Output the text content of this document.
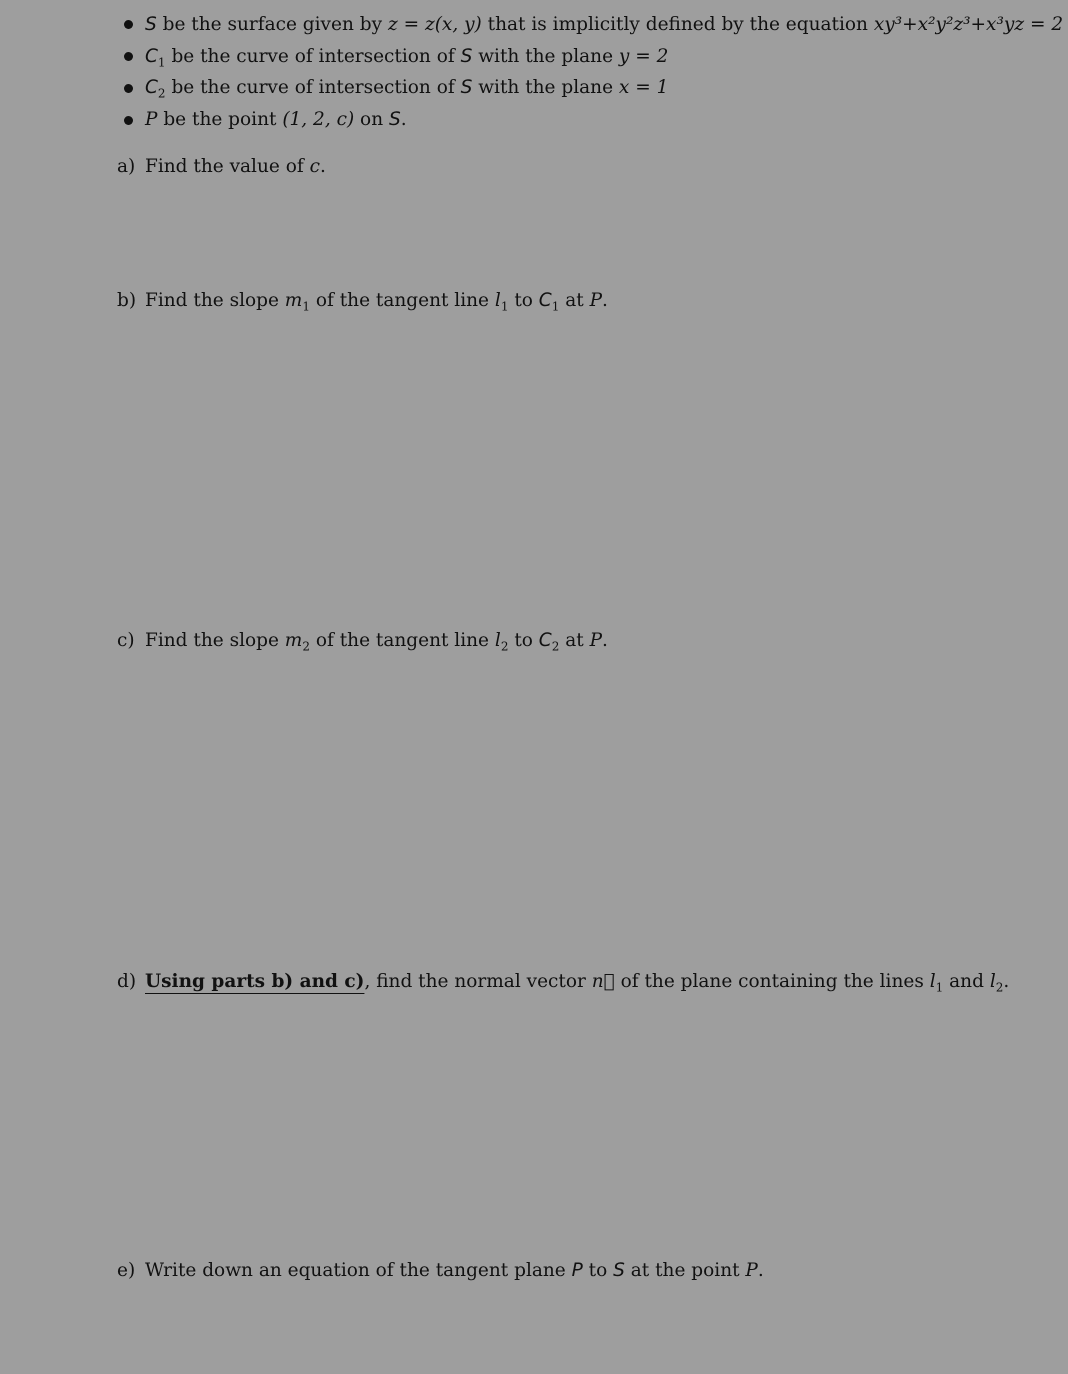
S be the surface given by z = z(x, y) that is implicitly defined by the equation xy³+x²y²z³+x³yz = 2
$C_1$ be the curve of intersection of S with the plane y = 2
$C_2$ be the curve of intersection of S with the plane x = 1
P be the point (1, 2, c) on S.
a) Find the value of c.
b) Find the slope $m_1$ of the tangent line $l_1$ to $C_1$ at P.
c) Find the slope $m_2$ of the tangent line $l_2$ to $C_2$ at P.
d) Using parts b) and c), find the normal vector n⃗ of the plane containing the lines $l_1$ and $l_2$.
e) Write down an equation of the tangent plane P to S at the point P.
